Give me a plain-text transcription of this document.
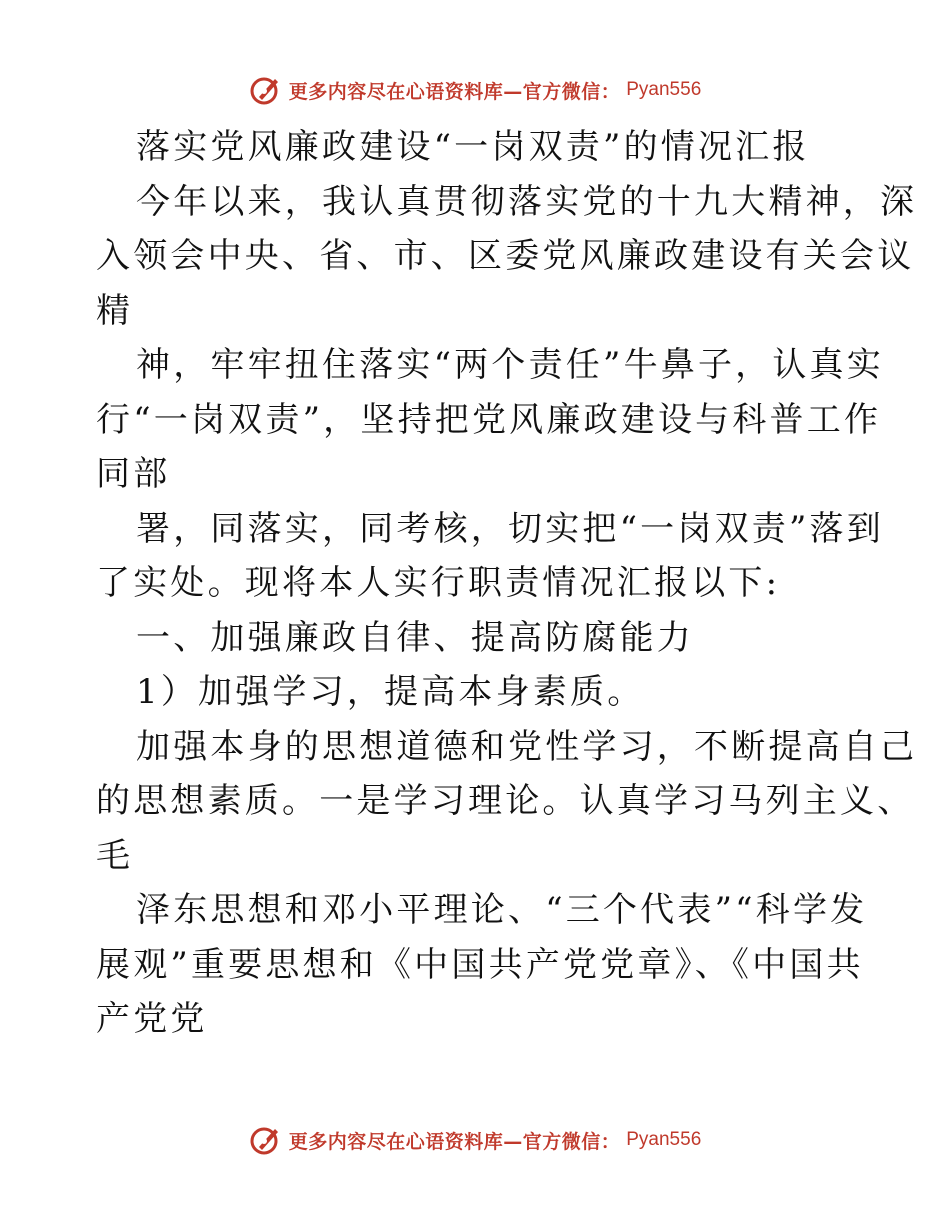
更多内容尽在心语资料库—官方微信： Pyan556
落实党风廉政建设“一岗双责”的情况汇报
今年以来，我认真贯彻落实党的十九大精神，深
入领会中央、省、市、区委党风廉政建设有关会议
精
神，牢牢扭住落实“两个责任”牛鼻子，认真实
行“一岗双责”，坚持把党风廉政建设与科普工作
同部
署，同落实，同考核，切实把“一岗双责”落到
了实处。现将本人实行职责情况汇报以下:
一、加强廉政自律、提高防腐能力
1）加强学习，提高本身素质。
加强本身的思想道德和党性学习，不断提高自己
的思想素质。一是学习理论。认真学习马列主义、
毛
泽东思想和邓小平理论、“三个代表”“科学发
展观”重要思想和《中国共产党党章》、《中国共
产党党
更多内容尽在心语资料库—官方微信： Pyan556
